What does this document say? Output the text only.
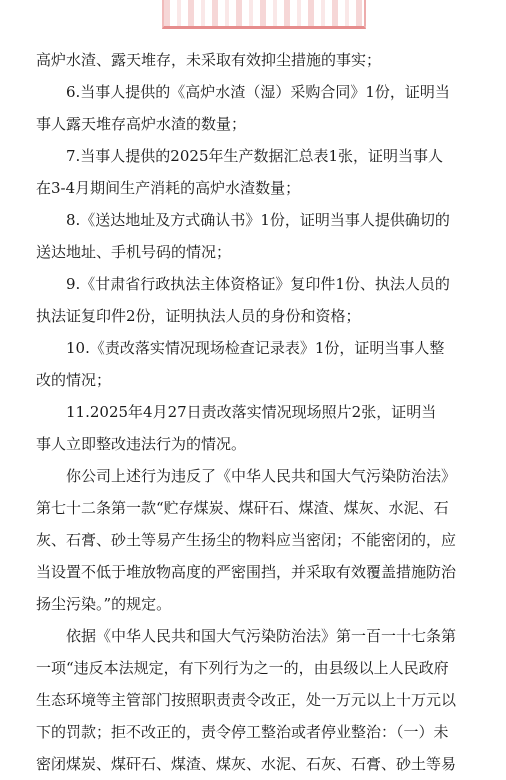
高炉水渣、露天堆存，未采取有效抑尘措施的事实；
6.当事人提供的《高炉水渣（湿）采购合同》1份，证明当
事人露天堆存高炉水渣的数量；
7.当事人提供的2025年生产数据汇总表1张，证明当事人
在3-4月期间生产消耗的高炉水渣数量；
8.《送达地址及方式确认书》1份，证明当事人提供确切的
送达地址、手机号码的情况；
9.《甘肃省行政执法主体资格证》复印件1份、执法人员的
执法证复印件2份，证明执法人员的身份和资格；
10.《责改落实情况现场检查记录表》1份，证明当事人整
改的情况；
11.2025年4月27日责改落实情况现场照片2张，证明当
事人立即整改违法行为的情况。
你公司上述行为违反了《中华人民共和国大气污染防治法》
第七十二条第一款“贮存煤炭、煤矸石、煤渣、煤灰、水泥、石
灰、石膏、砂土等易产生扬尘的物料应当密闭；不能密闭的，应
当设置不低于堆放物高度的严密围挡，并采取有效覆盖措施防治
扬尘污染。”的规定。
依据《中华人民共和国大气污染防治法》第一百一十七条第
一项“违反本法规定，有下列行为之一的，由县级以上人民政府
生态环境等主管部门按照职责责令改正，处一万元以上十万元以
下的罚款；拒不改正的，责令停工整治或者停业整治：（一）未
密闭煤炭、煤矸石、煤渣、煤灰、水泥、石灰、石膏、砂土等易
